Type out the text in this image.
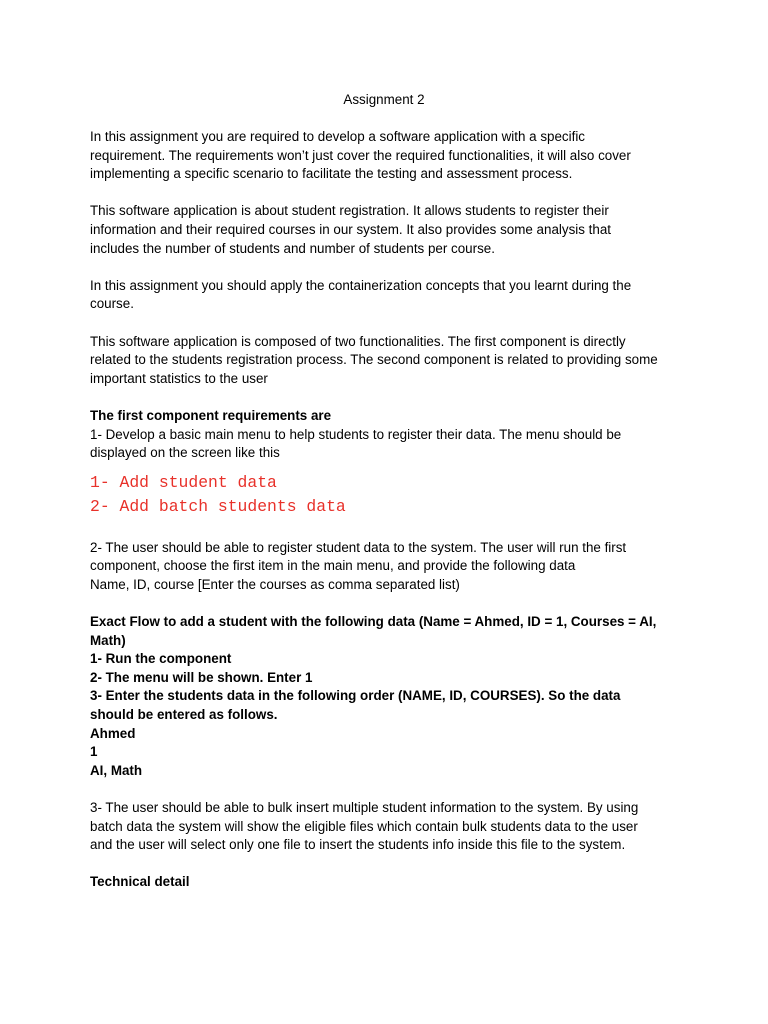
Assignment 2

In this assignment you are required to develop a software application with a specific
requirement. The requirements won’t just cover the required functionalities, it will also cover
implementing a specific scenario to facilitate the testing and assessment process.

This software application is about student registration. It allows students to register their
information and their required courses in our system. It also provides some analysis that
includes the number of students and number of students per course.

In this assignment you should apply the containerization concepts that you learnt during the
course.

This software application is composed of two functionalities. The first component is directly
related to the students registration process. The second component is related to providing some
important statistics to the user

The first component requirements are
1- Develop a basic main menu to help students to register their data. The menu should be
displayed on the screen like this

1- Add student data
2- Add batch students data

2- The user should be able to register student data to the system. The user will run the first
component, choose the first item in the main menu, and provide the following data
Name, ID, course [Enter the courses as comma separated list)

Exact Flow to add a student with the following data (Name = Ahmed, ID = 1, Courses = AI,
Math)
1- Run the component
2- The menu will be shown. Enter 1
3- Enter the students data in the following order (NAME, ID, COURSES). So the data
should be entered as follows.
Ahmed
1
AI, Math

3- The user should be able to bulk insert multiple student information to the system. By using
batch data the system will show the eligible files which contain bulk students data to the user
and the user will select only one file to insert the students info inside this file to the system.

Technical detail
